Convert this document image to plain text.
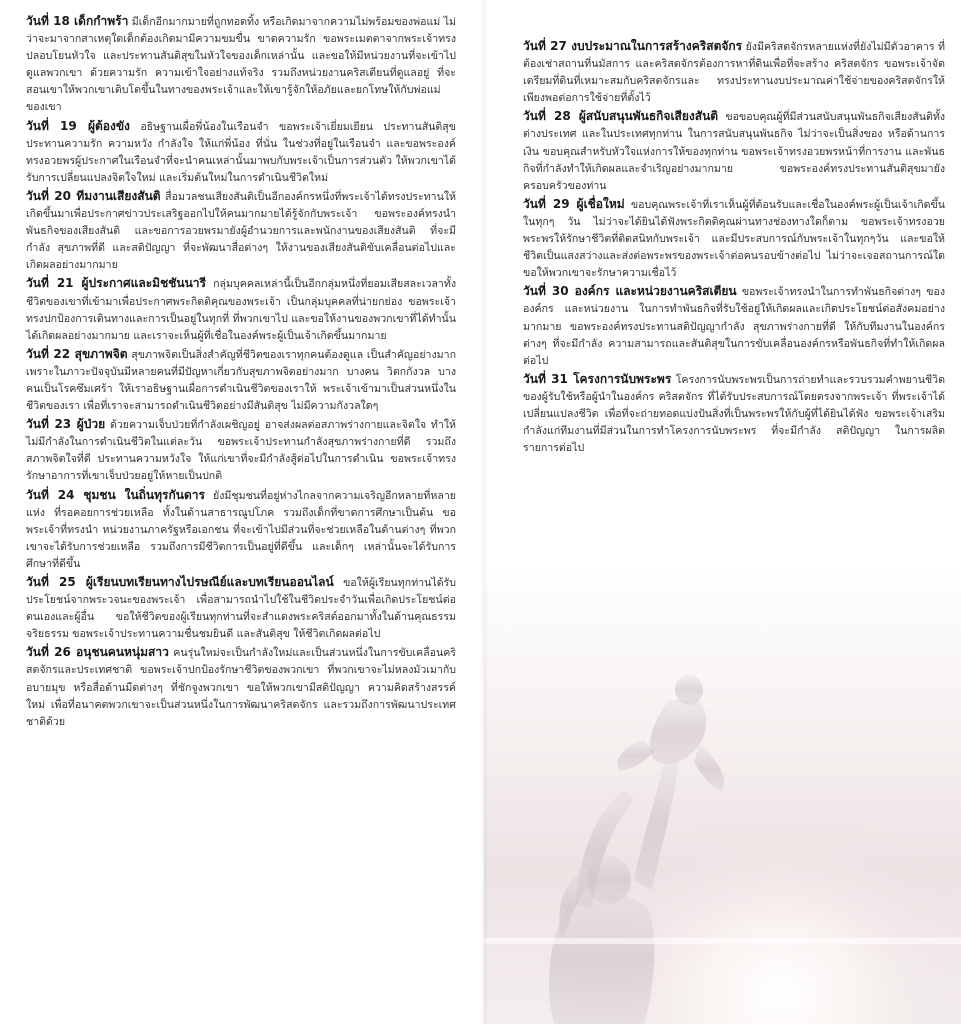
วันที่ 18 เด็กกำพร้า มีเด็กอีกมากมายที่ถูกทอดทิ้ง หรือเกิดมาจากความไม่พร้อมของพ่อแม่ ไม่ว่าจะมาจากสาเหตุใดเด็กต้องเกิดมามีความขมขื่น ขาดความรัก ขอพระเมตตาจากพระเจ้าทรงปลอบโยนหัวใจ และประทานสันติสุขในหัวใจของเด็กเหล่านั้น และขอให้มีหน่วยงานที่จะเข้าไปดูแลพวกเขา ด้วยความรัก ความเข้าใจอย่างแท้จริง รวมถึงหน่วยงานคริสเตียนที่ดูแลอยู่ ที่จะสอนเขาให้พวกเขาเติบโตขึ้นในทางของพระเจ้าและให้เขารู้จักให้อภัยและยกโทษให้กับพ่อแม่ของเขา

วันที่ 19 ผู้ต้องขัง อธิษฐานเผื่อพี่น้องในเรือนจำ ขอพระเจ้าเยี่ยมเยียน ประทานสันติสุข ประทานความรัก ความหวัง กำลังใจ ให้แก่พี่น้อง ที่นั่น ในช่วงที่อยู่ในเรือนจำ และขอพระองค์ทรงอวยพรผู้ประกาศในเรือนจำที่จะนำคนเหล่านั้นมาพบกับพระเจ้าเป็นการส่วนตัว ให้พวกเขาได้รับการเปลี่ยนแปลงจิตใจใหม่ และเริ่มต้นใหม่ในการดำเนินชีวิตใหม่

วันที่ 20 ทีมงานเสียงสันติ สื่อมวลชนเสียงสันติเป็นอีกองค์กรหนึ่งที่พระเจ้าได้ทรงประทานให้เกิดขึ้นมาเพื่อประกาศข่าวประเสริฐออกไปให้คนมากมายได้รู้จักกับพระเจ้า ขอพระองค์ทรงนำพันธกิจของเสียงสันติ และขอการอวยพรมายังผู้อำนวยการและพนักงานของเสียงสันติ ที่จะมีกำลัง สุขภาพที่ดี และสติปัญญา ที่จะพัฒนาสื่อต่างๆ ให้งานของเสียงสันติขับเคลื่อนต่อไปและเกิดผลอย่างมากมาย

วันที่ 21 ผู้ประกาศและมิชชันนารี กลุ่มบุคคลเหล่านี้เป็นอีกกลุ่มหนึ่งที่ยอมเสียสละเวลาทั้งชีวิตของเขาที่เข้ามาเพื่อประกาศพระกิตติคุณของพระเจ้า เป็นกลุ่มบุคคลที่น่ายกย่อง ขอพระเจ้าทรงปกป้องการเดินทางและการเป็นอยู่ในทุกที่ ที่พวกเขาไป และขอให้งานของพวกเขาที่ได้ทำนั้นได้เกิดผลอย่างมากมาย และเราจะเห็นผู้ที่เชื่อในองค์พระผู้เป็นเจ้าเกิดขึ้นมากมาย

วันที่ 22 สุขภาพจิต สุขภาพจิตเป็นสิ่งสำคัญที่ชีวิตของเราทุกคนต้องดูแล เป็นสำคัญอย่างมาก เพราะในภาวะปัจจุบันมีหลายคนที่มีปัญหาเกี่ยวกับสุขภาพจิตอย่างมาก บางคน วิตกกังวล บางคนเป็นโรคซึมเศร้า ให้เราอธิษฐานเผื่อการดำเนินชีวิตของเราให้ พระเจ้าเข้ามาเป็นส่วนหนึ่งในชีวิตของเรา เพื่อที่เราจะสามารถดำเนินชีวิตอย่างมีสันติสุข ไม่มีความกังวลใดๆ

วันที่ 23 ผู้ป่วย ด้วยความเจ็บป่วยที่กำลังเผชิญอยู่ อาจส่งผลต่อสภาพร่างกายและจิตใจ ทำให้ไม่มีกำลังในการดำเนินชีวิตในแต่ละวัน ขอพระเจ้าประทานกำลังสุขภาพร่างกายที่ดี รวมถึงสภาพจิตใจที่ดี ประทานความหวังใจ ให้แก่เขาที่จะมีกำลังสู้ต่อไปในการดำเนิน ขอพระเจ้าทรงรักษาอาการที่เขาเจ็บป่วยอยู่ให้หายเป็นปกติ

วันที่ 24 ชุมชน ในถิ่นทุรกันดาร ยังมีชุมชนที่อยู่ห่างไกลจากความเจริญอีกหลายที่หลายแห่ง ที่รอคอยการช่วยเหลือ ทั้งในด้านสาธารณูปโภค รวมถึงเด็กที่ขาดการศึกษาเป็นต้น ขอพระเจ้าที่ทรงนำ หน่วยงานภาครัฐหรือเอกชน ที่จะเข้าไปมีส่วนที่จะช่วยเหลือในด้านต่างๆ ที่พวกเขาจะได้รับการช่วยเหลือ รวมถึงการมีชีวิตการเป็นอยู่ที่ดีขึ้น และเด็กๆ เหล่านั้นจะได้รับการศึกษาที่ดีขึ้น

วันที่ 25 ผู้เรียนบทเรียนทางไปรษณีย์และบทเรียนออนไลน์ ขอให้ผู้เรียนทุกท่านได้รับประโยชน์จากพระวจนะของพระเจ้า เพื่อสามารถนำไปใช้ในชีวิตประจำวันเพื่อเกิดประโยชน์ต่อตนเองและผู้อื่น ขอให้ชีวิตของผู้เรียนทุกท่านที่จะสำแดงพระคริสต์ออกมาทั้งในด้านคุณธรรมจริยธรรม ขอพระเจ้าประทานความชื่นชมยินดี และสันติสุข ให้ชีวิตเกิดผลต่อไป

วันที่ 26 อนุชนคนหนุ่มสาว คนรุ่นใหม่จะเป็นกำลังใหม่และเป็นส่วนหนึ่งในการขับเคลื่อนคริสตจักรและประเทศชาติ ขอพระเจ้าปกป้องรักษาชีวิตของพวกเขา ที่พวกเขาจะไม่หลงมัวเมากับอบายมุข หรือสื่อด้านมืดต่างๆ ที่ชักจูงพวกเขา ขอให้พวกเขามีสติปัญญา ความคิดสร้างสรรค์ใหม่ เพื่อที่อนาคตพวกเขาจะเป็นส่วนหนึ่งในการพัฒนาคริสตจักร และรวมถึงการพัฒนาประเทศชาติด้วย

วันที่ 27 งบประมาณในการสร้างคริสตจักร ยังมีคริสตจักรหลายแห่งที่ยังไม่มีตัวอาคาร ที่ต้องเช่าสถานที่นมัสการ และคริสตจักรต้องการหาที่ดินเพื่อที่จะสร้าง คริสตจักร ขอพระเจ้าจัดเตรียมที่ดินที่เหมาะสมกับคริสตจักรและ ทรงประทานงบประมาณค่าใช้จ่ายของคริสตจักรให้เพียงพอต่อการใช้จ่ายที่ตั้งไว้

วันที่ 28 ผู้สนับสนุนพันธกิจเสียงสันติ ขอขอบคุณผู้ที่มีส่วนสนับสนุนพันธกิจเสียงสันติทั้งต่างประเทศ และในประเทศทุกท่าน ในการสนับสนุนพันธกิจ ไม่ว่าจะเป็นสิ่งของ หรือด้านการเงิน ขอบคุณสำหรับหัวใจแห่งการให้ของทุกท่าน ขอพระเจ้าทรงอวยพรหน้าที่การงาน และพันธกิจที่กำลังทำให้เกิดผลและจำเริญอย่างมากมาย ขอพระองค์ทรงประทานสันติสุขมายังครอบครัวของท่าน

วันที่ 29 ผู้เชื่อใหม่ ขอบคุณพระเจ้าที่เราเห็นผู้ที่ต้อนรับและเชื่อในองค์พระผู้เป็นเจ้าเกิดขึ้นในทุกๆ วัน ไม่ว่าจะได้ยินได้ฟังพระกิตติคุณผ่านทางช่องทางใดก็ตาม ขอพระเจ้าทรงอวยพระพรให้รักษาชีวิตที่ติดสนิทกับพระเจ้า และมีประสบการณ์กับพระเจ้าในทุกๆวัน และขอให้ชีวิตเป็นแสงสว่างและส่งต่อพระพรของพระเจ้าต่อคนรอบข้างต่อไป ไม่ว่าจะเจอสถานการณ์ใดขอให้พวกเขาจะรักษาความเชื่อไว้

วันที่ 30 องค์กร และหน่วยงานคริสเตียน ขอพระเจ้าทรงนำในการทำพันธกิจต่างๆ ขององค์กร และหน่วยงาน ในการทำพันธกิจที่รับใช้อยู่ให้เกิดผลและเกิดประโยชน์ต่อสังคมอย่างมากมาย ขอพระองค์ทรงประทานสติปัญญากำลัง สุขภาพร่างกายที่ดี ให้กับทีมงานในองค์กรต่างๆ ที่จะมีกำลัง ความสามารถและสันติสุขในการขับเคลื่อนองค์กรหรือพันธกิจที่ทำให้เกิดผลต่อไป

วันที่ 31 โครงการนับพระพร โครงการนับพระพรเป็นการถ่ายทำและรวบรวมคำพยานชีวิตของผู้รับใช้หรือผู้นำในองค์กร คริสตจักร ที่ได้รับประสบการณ์โดยตรงจากพระเจ้า ที่พระเจ้าได้เปลี่ยนแปลงชีวิต เพื่อที่จะถ่ายทอดแบ่งปันสิ่งที่เป็นพระพรให้กับผู้ที่ได้ยินได้ฟัง ขอพระเจ้าเสริมกำลังแก่ทีมงานที่มีส่วนในการทำโครงการนับพระพร ที่จะมีกำลัง สติปัญญา ในการผลิตรายการต่อไป
